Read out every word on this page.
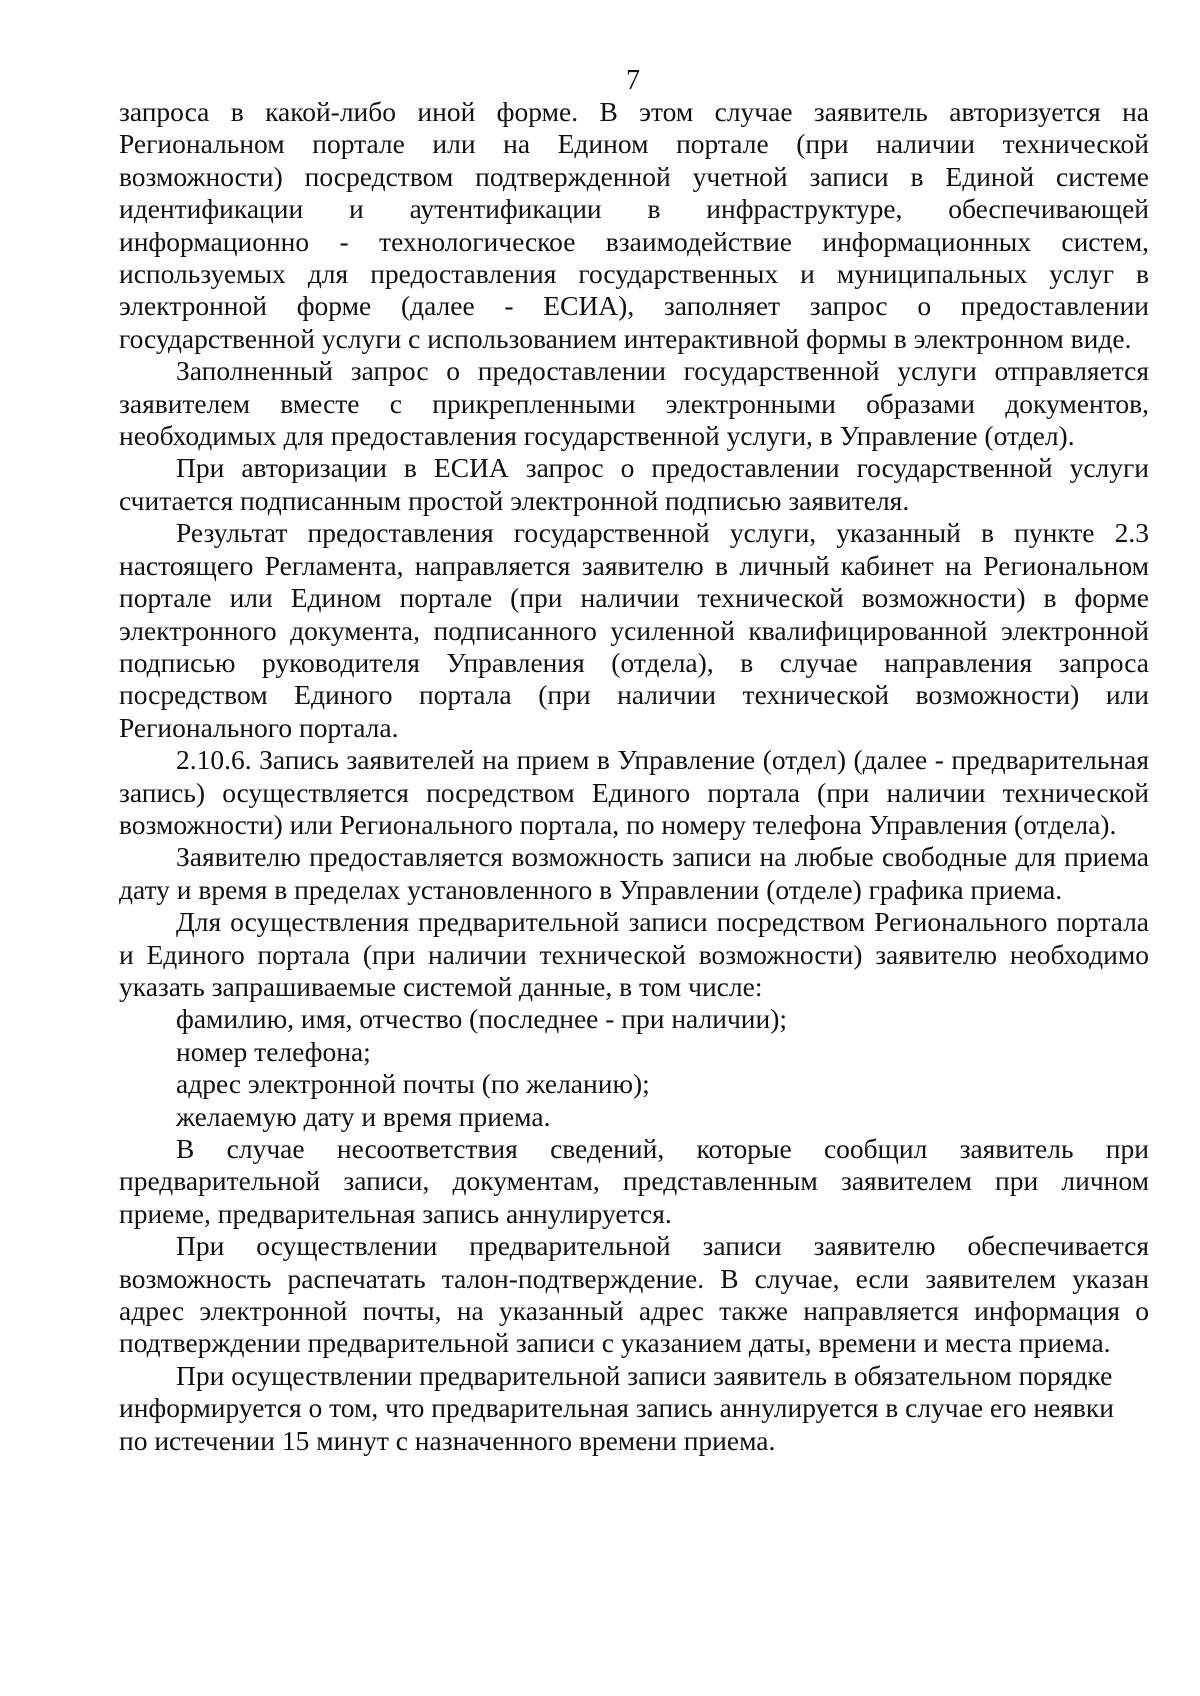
7

запроса в какой-либо иной форме. В этом случае заявитель авторизуется на Региональном портале или на Едином портале (при наличии технической возможности) посредством подтвержденной учетной записи в Единой системе идентификации и аутентификации в инфраструктуре, обеспечивающей информационно - технологическое взаимодействие информационных систем, используемых для предоставления государственных и муниципальных услуг в электронной форме (далее - ЕСИА), заполняет запрос о предоставлении государственной услуги с использованием интерактивной формы в электронном виде.

Заполненный запрос о предоставлении государственной услуги отправляется заявителем вместе с прикрепленными электронными образами документов, необходимых для предоставления государственной услуги, в Управление (отдел).

При авторизации в ЕСИА запрос о предоставлении государственной услуги считается подписанным простой электронной подписью заявителя.

Результат предоставления государственной услуги, указанный в пункте 2.3 настоящего Регламента, направляется заявителю в личный кабинет на Региональном портале или Едином портале (при наличии технической возможности) в форме электронного документа, подписанного усиленной квалифицированной электронной подписью руководителя Управления (отдела), в случае направления запроса посредством Единого портала (при наличии технической возможности) или Регионального портала.

2.10.6. Запись заявителей на прием в Управление (отдел) (далее - предварительная запись) осуществляется посредством Единого портала (при наличии технической возможности) или Регионального портала, по номеру телефона Управления (отдела).

Заявителю предоставляется возможность записи на любые свободные для приема дату и время в пределах установленного в Управлении (отделе) графика приема.

Для осуществления предварительной записи посредством Регионального портала и Единого портала (при наличии технической возможности) заявителю необходимо указать запрашиваемые системой данные, в том числе:

фамилию, имя, отчество (последнее - при наличии);

номер телефона;

адрес электронной почты (по желанию);

желаемую дату и время приема.

В случае несоответствия сведений, которые сообщил заявитель при предварительной записи, документам, представленным заявителем при личном приеме, предварительная запись аннулируется.

При осуществлении предварительной записи заявителю обеспечивается возможность распечатать талон-подтверждение. В случае, если заявителем указан адрес электронной почты, на указанный адрес также направляется информация о подтверждении предварительной записи с указанием даты, времени и места приема.

При осуществлении предварительной записи заявитель в обязательном порядке информируется о том, что предварительная запись аннулируется в случае его неявки по истечении 15 минут с назначенного времени приема.
